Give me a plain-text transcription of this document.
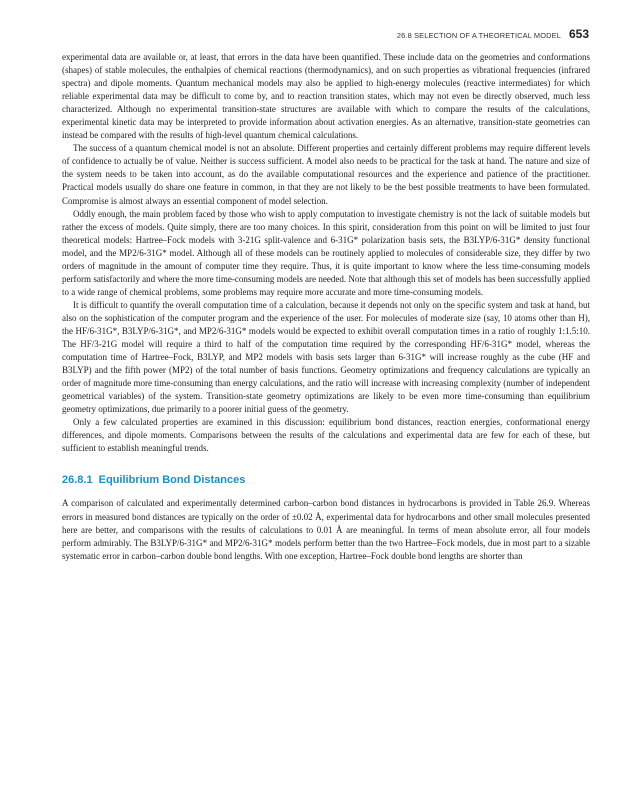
26.8 SELECTION OF A THEORETICAL MODEL 653

experimental data are available or, at least, that errors in the data have been quantified. These include data on the geometries and conformations (shapes) of stable molecules, the enthalpies of chemical reactions (thermodynamics), and on such properties as vibrational frequencies (infrared spectra) and dipole moments. Quantum mechanical models may also be applied to high-energy molecules (reactive intermediates) for which reliable experimental data may be difficult to come by, and to reaction transition states, which may not even be directly observed, much less characterized. Although no experimental transition-state structures are available with which to compare the results of the calculations, experimental kinetic data may be interpreted to provide information about activation energies. As an alternative, transition-state geometries can instead be compared with the results of high-level quantum chemical calculations.

The success of a quantum chemical model is not an absolute. Different properties and certainly different problems may require different levels of confidence to actually be of value. Neither is success sufficient. A model also needs to be practical for the task at hand. The nature and size of the system needs to be taken into account, as do the available computational resources and the experience and patience of the practitioner. Practical models usually do share one feature in common, in that they are not likely to be the best possible treatments to have been formulated. Compromise is almost always an essential component of model selection.

Oddly enough, the main problem faced by those who wish to apply computation to investigate chemistry is not the lack of suitable models but rather the excess of models. Quite simply, there are too many choices. In this spirit, consideration from this point on will be limited to just four theoretical models: Hartree–Fock models with 3-21G split-valence and 6-31G* polarization basis sets, the B3LYP/6-31G* density functional model, and the MP2/6-31G* model. Although all of these models can be routinely applied to molecules of considerable size, they differ by two orders of magnitude in the amount of computer time they require. Thus, it is quite important to know where the less time-consuming models perform satisfactorily and where the more time-consuming models are needed. Note that although this set of models has been successfully applied to a wide range of chemical problems, some problems may require more accurate and more time-consuming models.

It is difficult to quantify the overall computation time of a calculation, because it depends not only on the specific system and task at hand, but also on the sophistication of the computer program and the experience of the user. For molecules of moderate size (say, 10 atoms other than H), the HF/6-31G*, B3LYP/6-31G*, and MP2/6-31G* models would be expected to exhibit overall computation times in a ratio of roughly 1:1.5:10. The HF/3-21G model will require a third to half of the computation time required by the corresponding HF/6-31G* model, whereas the computation time of Hartree–Fock, B3LYP, and MP2 models with basis sets larger than 6-31G* will increase roughly as the cube (HF and B3LYP) and the fifth power (MP2) of the total number of basis functions. Geometry optimizations and frequency calculations are typically an order of magnitude more time-consuming than energy calculations, and the ratio will increase with increasing complexity (number of independent geometrical variables) of the system. Transition-state geometry optimizations are likely to be even more time-consuming than equilibrium geometry optimizations, due primarily to a poorer initial guess of the geometry.

Only a few calculated properties are examined in this discussion: equilibrium bond distances, reaction energies, conformational energy differences, and dipole moments. Comparisons between the results of the calculations and experimental data are few for each of these, but sufficient to establish meaningful trends.

26.8.1 Equilibrium Bond Distances

A comparison of calculated and experimentally determined carbon–carbon bond distances in hydrocarbons is provided in Table 26.9. Whereas errors in measured bond distances are typically on the order of ±0.02 Å, experimental data for hydrocarbons and other small molecules presented here are better, and comparisons with the results of calculations to 0.01 Å are meaningful. In terms of mean absolute error, all four models perform admirably. The B3LYP/6-31G* and MP2/6-31G* models perform better than the two Hartree–Fock models, due in most part to a sizable systematic error in carbon–carbon double bond lengths. With one exception, Hartree–Fock double bond lengths are shorter than
